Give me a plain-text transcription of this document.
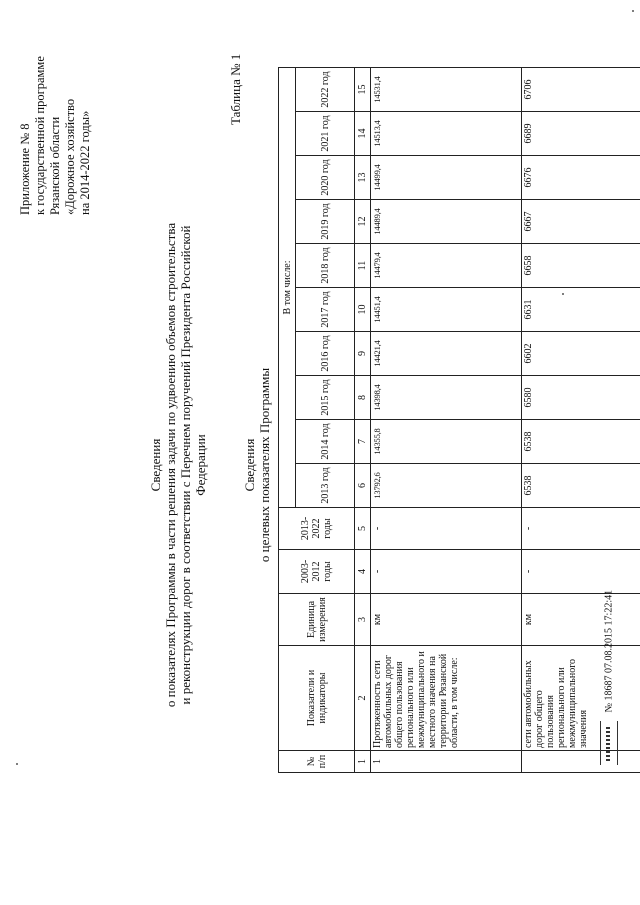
Приложение № 8 к государственной программе Рязанской области «Дорожное хозяйство на 2014-2022 годы»
Сведения о показателях Программы в части решения задачи по удвоению объемов строительства и реконструкции дорог в соответствии с Перечнем поручений Президента Российской Федерации
Таблица № 1
Сведения о целевых показателях Программы
№ п/п	Показатели и индикаторы	Единица измерения	2003-2012 годы	2013-2022 годы	В том числе:									
					2013 год	2014 год	2015 год	2016 год	2017 год	2018 год	2019 год	2020 год	2021 год	2022 год
1	2	3	4	5	6	7	8	9	10	11	12	13	14	15
1	Протяженность сети автомобильных дорог общего пользования регионального или межмуниципального и местного значения на территории Рязанской области, в том числе:	км	-	-	13792,6	14355,8	14398,4	14421,4	14451,4	14479,4	14489,4	14499,4	14513,4	14531,4
	сети автомобильных дорог общего пользования регионального или межмуниципального значения	км	-	-	6538	6538	6580	6602	6631	6658	6667	6676	6689	6706
№ 18687 07.08.2015 17:22:41
